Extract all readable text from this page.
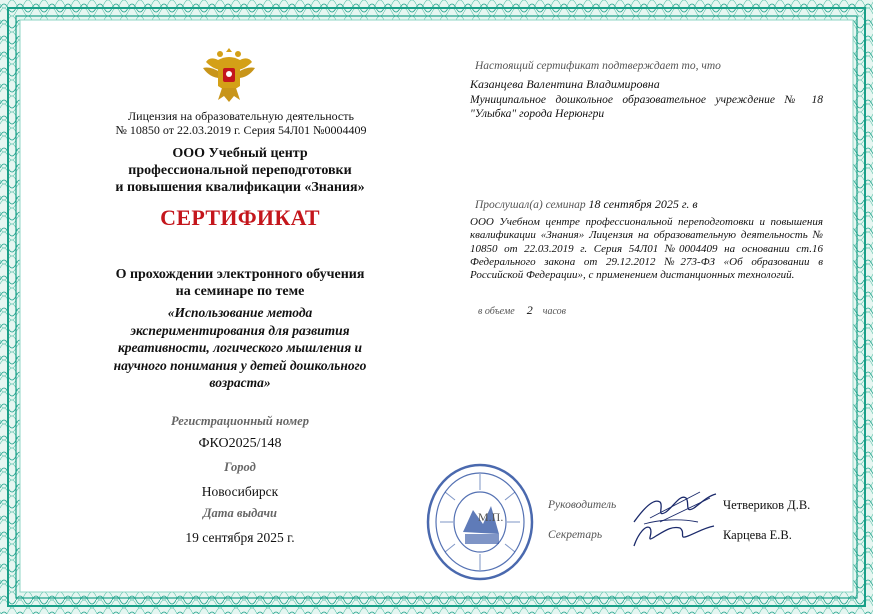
Лицензия на образовательную деятельность
№ 10850 от 22.03.2019 г. Серия 54Л01 №0004409
ООО Учебный центр
профессиональной переподготовки
и повышения квалификации «Знания»
СЕРТИФИКАТ
О прохождении электронного обучения
на семинаре по теме
«Использование метода экспериментирования для развития креативности, логического мышления и научного понимания у детей дошкольного возраста»
Регистрационный номер
ФКО2025/148
Город
Новосибирск
Дата выдачи
19 сентября 2025 г.
Настоящий сертификат подтверждает то, что
Казанцева Валентина Владимировна
Муниципальное дошкольное образовательное учреждение № 18
"Улыбка" города Нерюнгри
Прослушал(а) семинар 18 сентября 2025 г. в
ООО Учебном центре профессиональной переподготовки и повышения квалификации «Знания» Лицензия на образовательную деятельность № 10850 от 22.03.2019 г. Серия 54Л01 №0004409 на основании ст.16 Федерального закона от 29.12.2012 №273-ФЗ «Об образовании в Российской Федерации», с применением дистанционных технологий.
в объеме 2 часов
М.П.
Руководитель
Секретарь
Четвериков Д.В.
Карцева Е.В.
